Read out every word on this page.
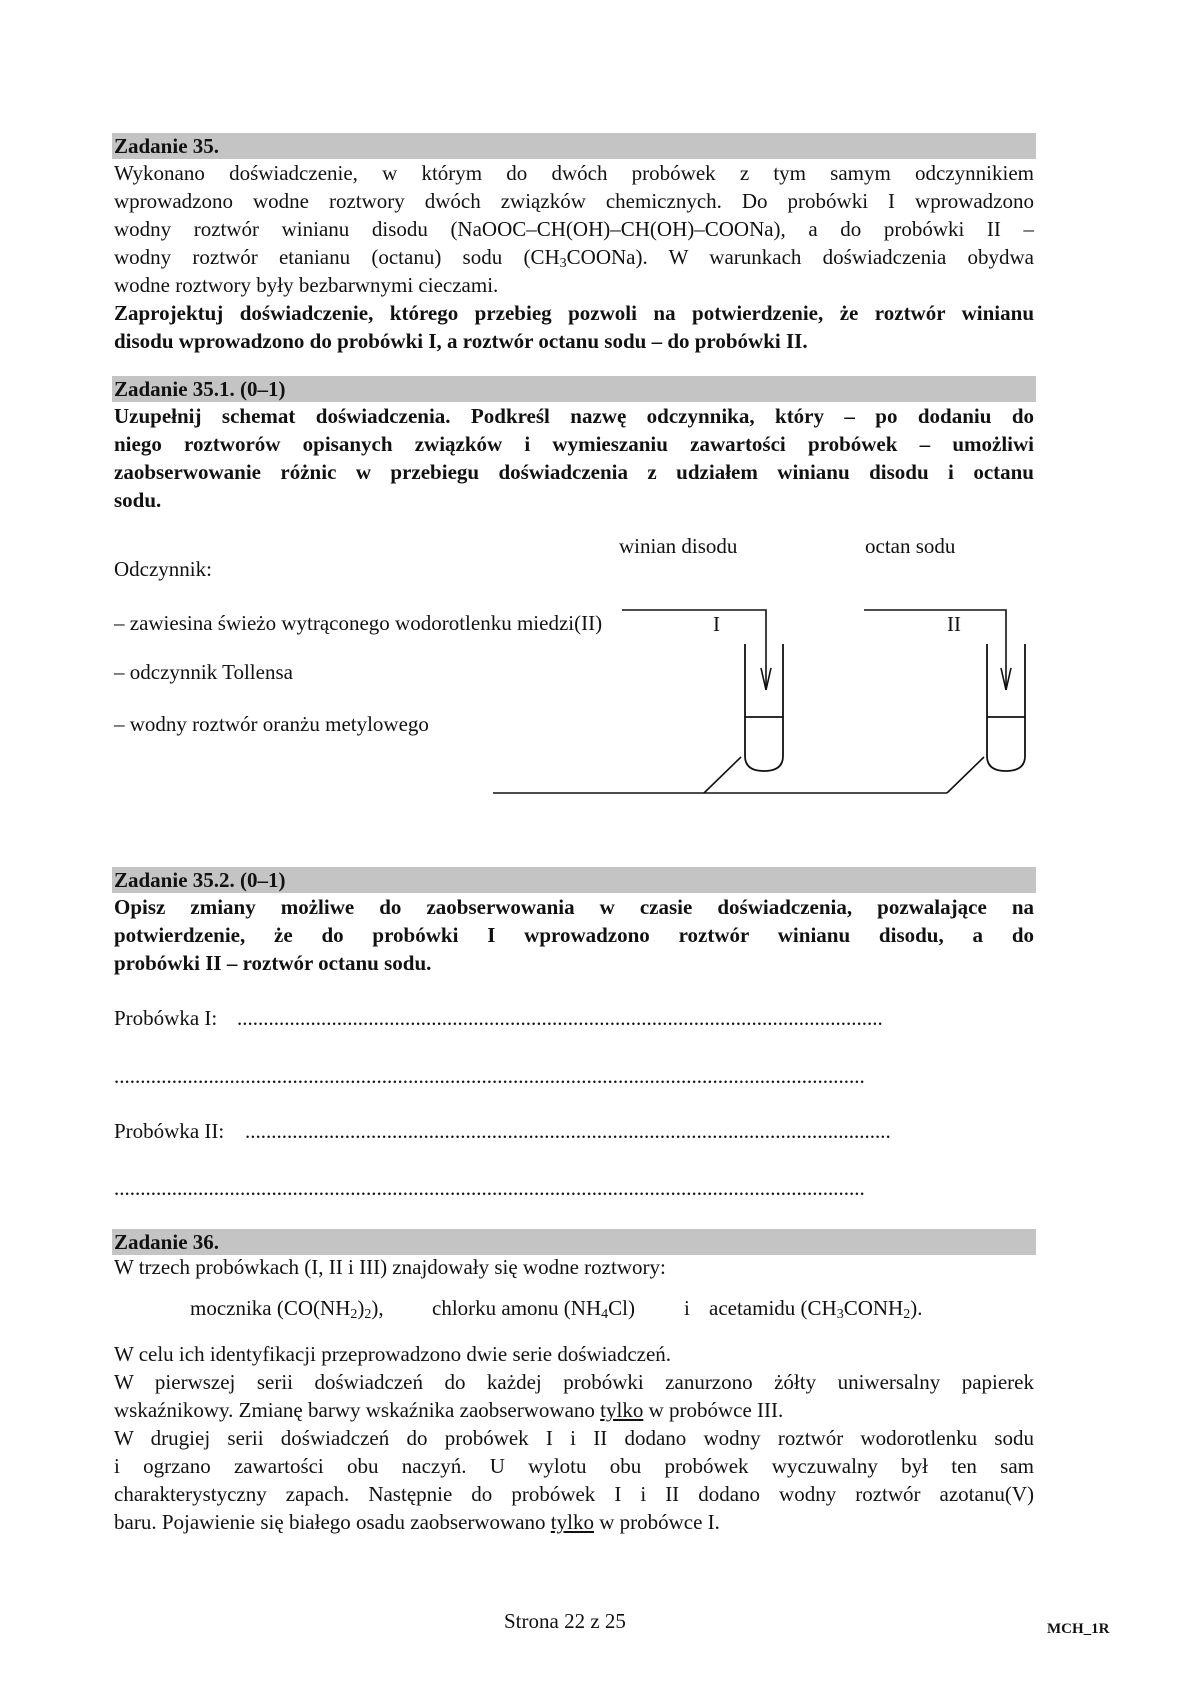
Zadanie 35.
Wykonano doświadczenie, w którym do dwóch probówek z tym samym odczynnikiem
wprowadzono wodne roztwory dwóch związków chemicznych. Do probówki I wprowadzono
wodny roztwór winianu disodu (NaOOC–CH(OH)–CH(OH)–COONa), a do probówki II –
wodny roztwór etanianu (octanu) sodu $(CH_3COONa)$. W warunkach doświadczenia obydwa
wodne roztwory były bezbarwnymi cieczami.
Zaprojektuj doświadczenie, którego przebieg pozwoli na potwierdzenie, że roztwór winianu
disodu wprowadzono do probówki I, a roztwór octanu sodu – do probówki II.
Zadanie 35.1. (0–1)
Uzupełnij schemat doświadczenia. Podkreśl nazwę odczynnika, który – po dodaniu do
niego roztworów opisanych związków i wymieszaniu zawartości probówek – umożliwi
zaobserwowanie różnic w przebiegu doświadczenia z udziałem winianu disodu i octanu
sodu.
Odczynnik:
– zawiesina świeżo wytrąconego wodorotlenku miedzi(II)
– odczynnik Tollensa
– wodny roztwór oranżu metylowego
winian disodu	octan sodu
I	II
Zadanie 35.2. (0–1)
Opisz zmiany możliwe do zaobserwowania w czasie doświadczenia, pozwalające na
potwierdzenie, że do probówki I wprowadzono roztwór winianu disodu, a do
probówki II – roztwór octanu sodu.
Probówka I: ...........................................................................................................................
...............................................................................................................................................
Probówka II: ...........................................................................................................................
...............................................................................................................................................
Zadanie 36.
W trzech probówkach (I, II i III) znajdowały się wodne roztwory:
mocznika $(CO(NH_2)_2)$, chlorku amonu $(NH_4Cl)$ i acetamidu $(CH_3CONH_2)$.
W celu ich identyfikacji przeprowadzono dwie serie doświadczeń.
W pierwszej serii doświadczeń do każdej probówki zanurzono żółty uniwersalny papierek
wskaźnikowy. Zmianę barwy wskaźnika zaobserwowano tylko w probówce III.
W drugiej serii doświadczeń do probówek I i II dodano wodny roztwór wodorotlenku sodu
i ogrzano zawartości obu naczyń. U wylotu obu probówek wyczuwalny był ten sam
charakterystyczny zapach. Następnie do probówek I i II dodano wodny roztwór azotanu(V)
baru. Pojawienie się białego osadu zaobserwowano tylko w probówce I.
Strona 22 z 25	MCH_1R
